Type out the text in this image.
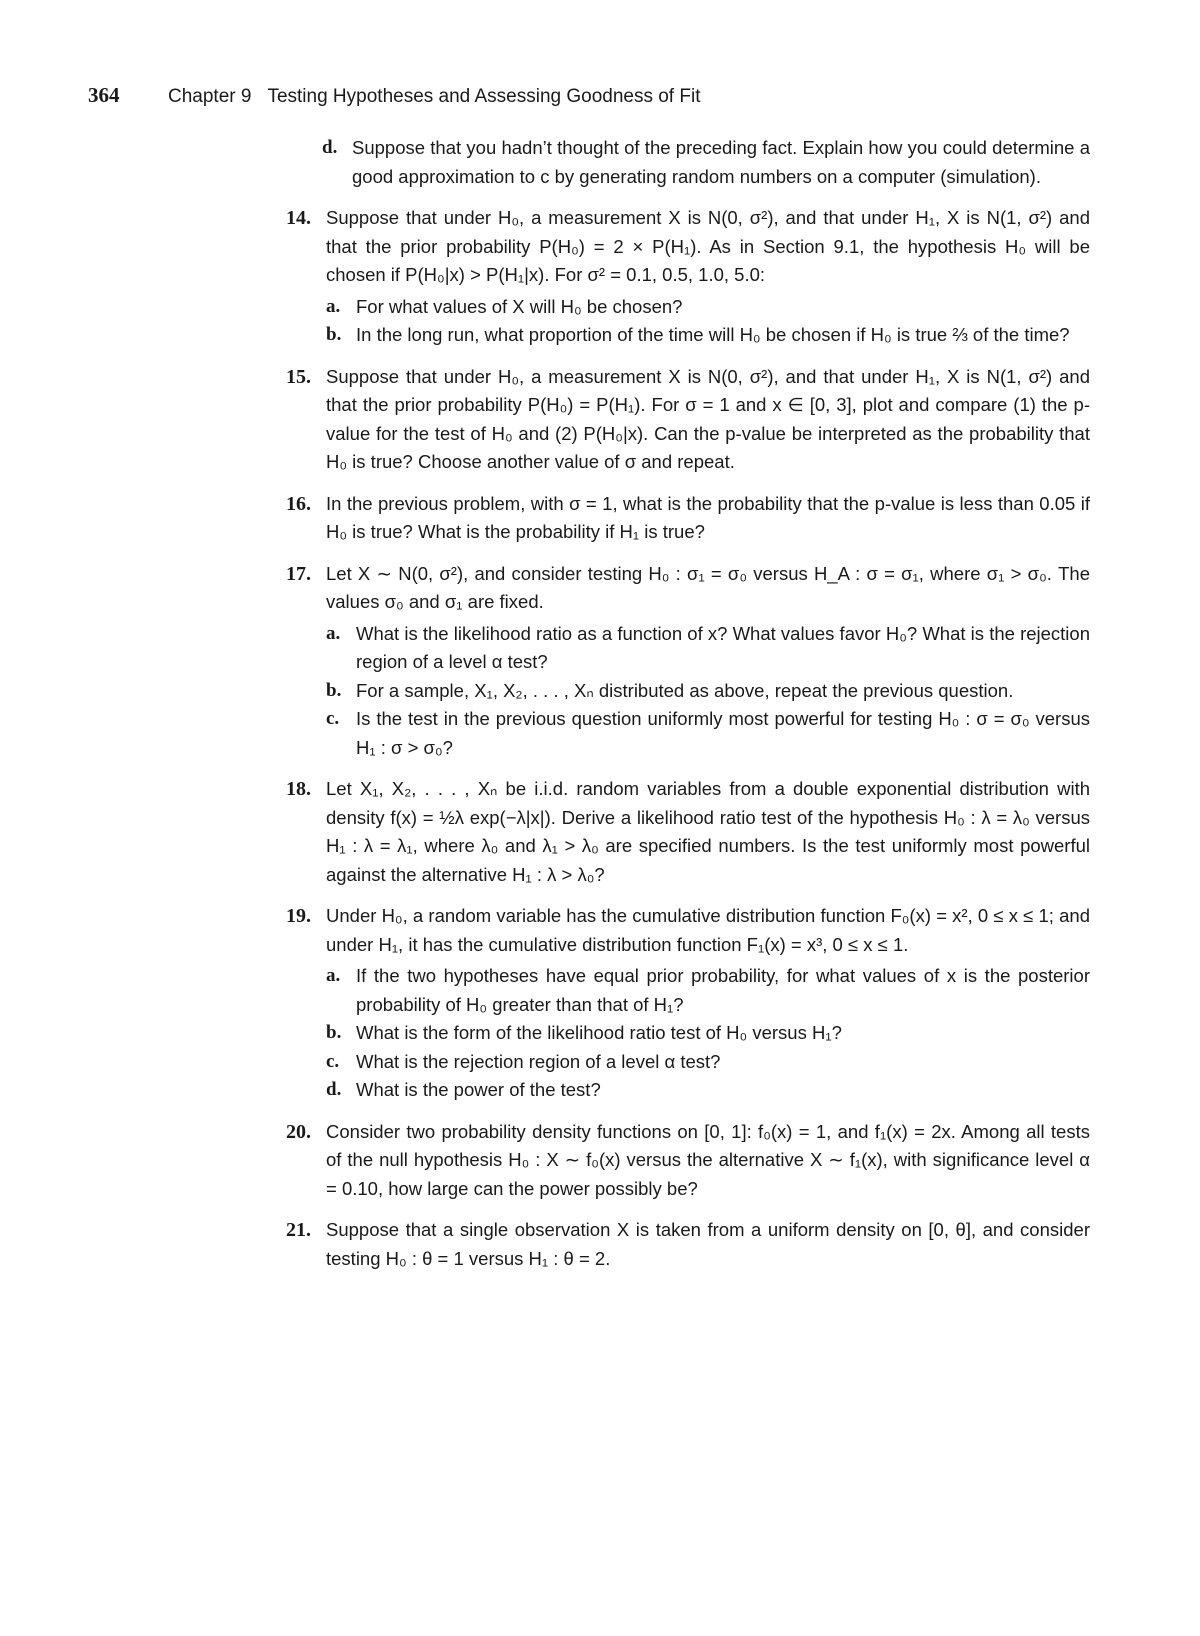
364	Chapter 9 Testing Hypotheses and Assessing Goodness of Fit
d. Suppose that you hadn’t thought of the preceding fact. Explain how you could determine a good approximation to c by generating random numbers on a computer (simulation).
14. Suppose that under H₀, a measurement X is N(0, σ²), and that under H₁, X is N(1, σ²) and that the prior probability P(H₀) = 2 × P(H₁). As in Section 9.1, the hypothesis H₀ will be chosen if P(H₀|x) > P(H₁|x). For σ² = 0.1, 0.5, 1.0, 5.0:
a. For what values of X will H₀ be chosen?
b. In the long run, what proportion of the time will H₀ be chosen if H₀ is true ⅔ of the time?
15. Suppose that under H₀, a measurement X is N(0, σ²), and that under H₁, X is N(1, σ²) and that the prior probability P(H₀) = P(H₁). For σ = 1 and x ∈ [0, 3], plot and compare (1) the p-value for the test of H₀ and (2) P(H₀|x). Can the p-value be interpreted as the probability that H₀ is true? Choose another value of σ and repeat.
16. In the previous problem, with σ = 1, what is the probability that the p-value is less than 0.05 if H₀ is true? What is the probability if H₁ is true?
17. Let X ∼ N(0, σ²), and consider testing H₀ : σ₁ = σ₀ versus H_A : σ = σ₁, where σ₁ > σ₀. The values σ₀ and σ₁ are fixed.
a. What is the likelihood ratio as a function of x? What values favor H₀? What is the rejection region of a level α test?
b. For a sample, X₁, X₂, . . . , Xₙ distributed as above, repeat the previous question.
c. Is the test in the previous question uniformly most powerful for testing H₀ : σ = σ₀ versus H₁ : σ > σ₀?
18. Let X₁, X₂, . . . , Xₙ be i.i.d. random variables from a double exponential distribution with density f(x) = ½λ exp(−λ|x|). Derive a likelihood ratio test of the hypothesis H₀ : λ = λ₀ versus H₁ : λ = λ₁, where λ₀ and λ₁ > λ₀ are specified numbers. Is the test uniformly most powerful against the alternative H₁ : λ > λ₀?
19. Under H₀, a random variable has the cumulative distribution function F₀(x) = x², 0 ≤ x ≤ 1; and under H₁, it has the cumulative distribution function F₁(x) = x³, 0 ≤ x ≤ 1.
a. If the two hypotheses have equal prior probability, for what values of x is the posterior probability of H₀ greater than that of H₁?
b. What is the form of the likelihood ratio test of H₀ versus H₁?
c. What is the rejection region of a level α test?
d. What is the power of the test?
20. Consider two probability density functions on [0, 1]: f₀(x) = 1, and f₁(x) = 2x. Among all tests of the null hypothesis H₀ : X ∼ f₀(x) versus the alternative X ∼ f₁(x), with significance level α = 0.10, how large can the power possibly be?
21. Suppose that a single observation X is taken from a uniform density on [0, θ], and consider testing H₀ : θ = 1 versus H₁ : θ = 2.
